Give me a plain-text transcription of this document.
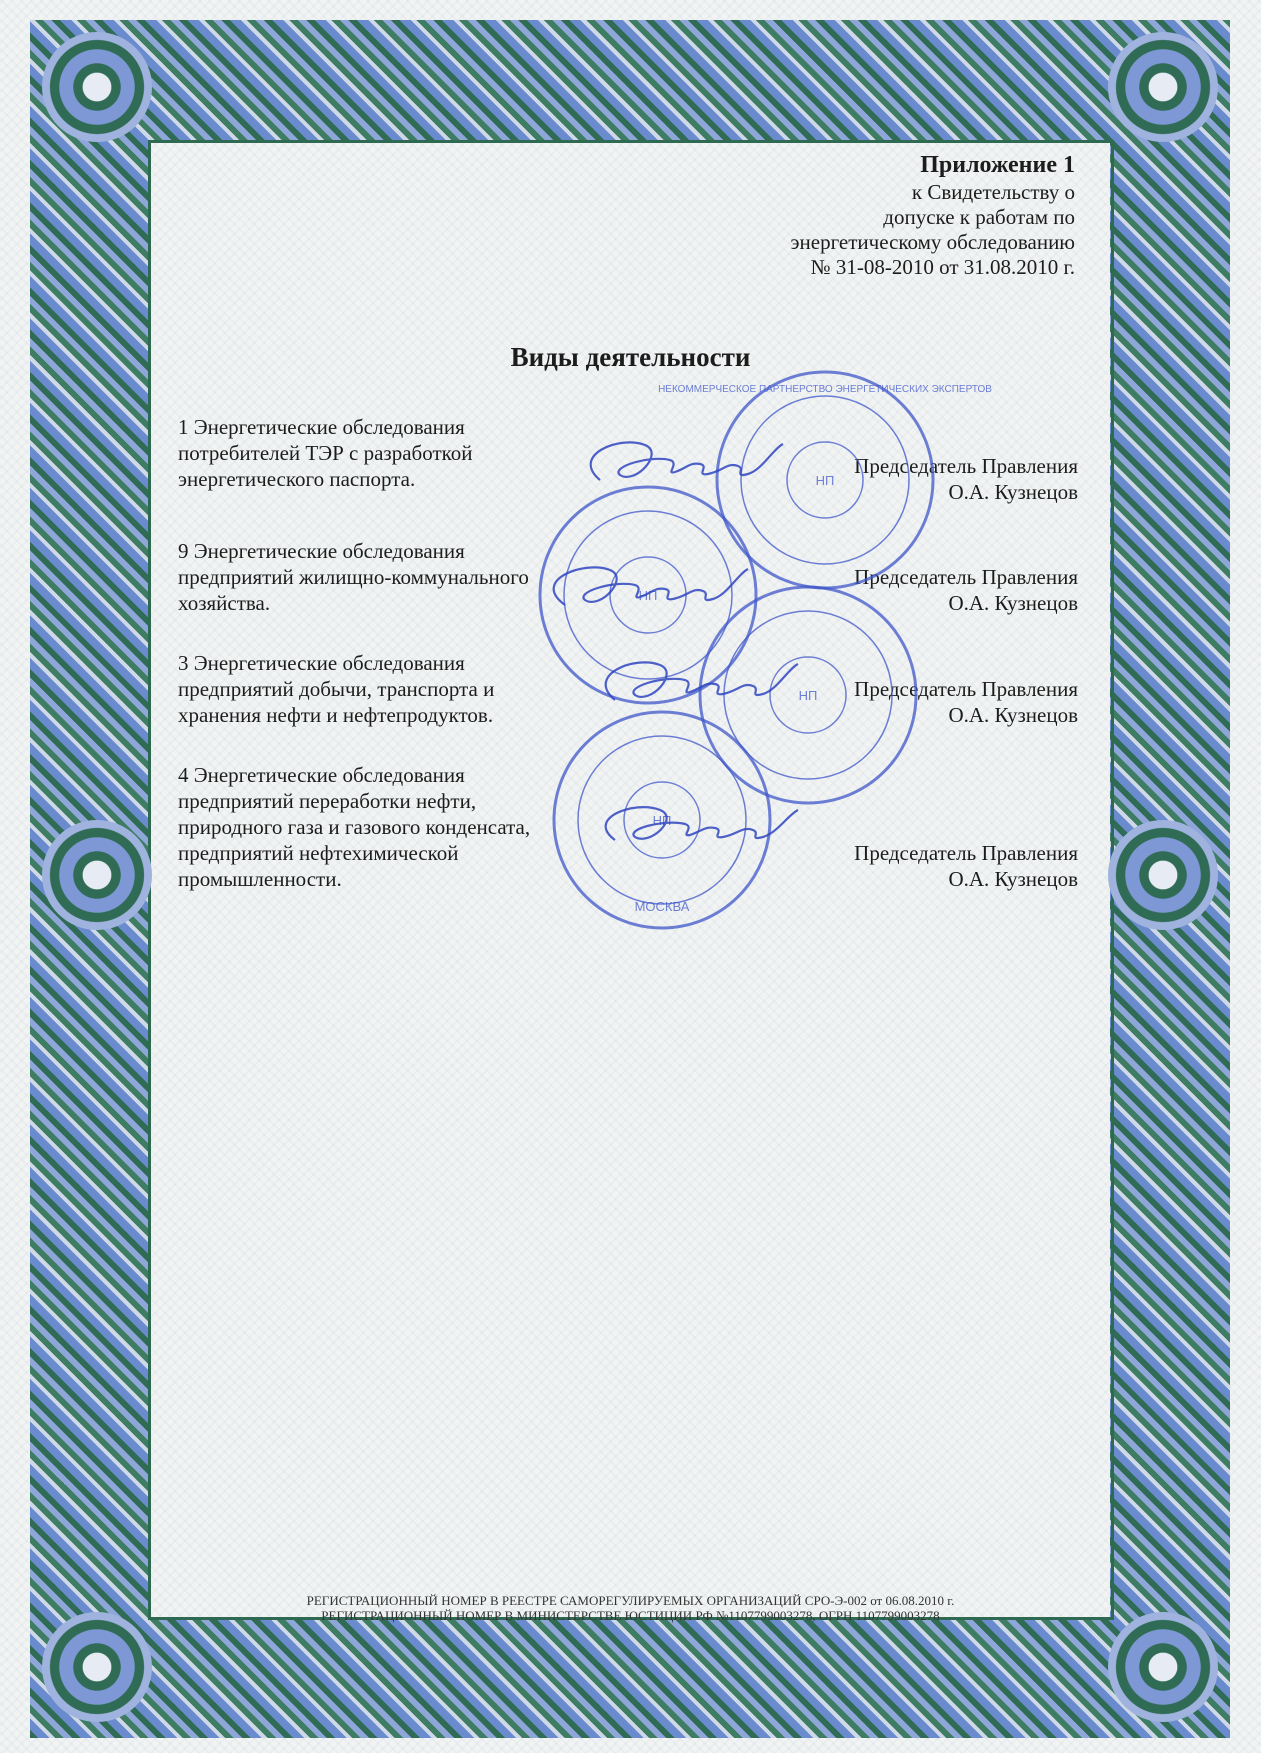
Приложение 1
к Свидетельству о
допуске к работам по
энергетическому обследованию
№ 31-08-2010 от 31.08.2010 г.
Виды деятельности
1 Энергетические обследования
потребителей ТЭР с разработкой
энергетического паспорта.
Председатель Правления
О.А. Кузнецов
9 Энергетические обследования
предприятий жилищно-коммунального
хозяйства.
Председатель Правления
О.А. Кузнецов
3 Энергетические обследования
предприятий добычи, транспорта и
хранения нефти и нефтепродуктов.
Председатель Правления
О.А. Кузнецов
4 Энергетические обследования
предприятий переработки нефти,
природного газа и газового конденсата,
предприятий нефтехимической
промышленности.
Председатель Правления
О.А. Кузнецов
НП
НП
НП
НП
МОСКВА
НЕКОММЕРЧЕСКОЕ ПАРТНЕРСТВО ЭНЕРГЕТИЧЕСКИХ ЭКСПЕРТОВ
РЕГИСТРАЦИОННЫЙ НОМЕР В РЕЕСТРЕ САМОРЕГУЛИРУЕМЫХ ОРГАНИЗАЦИЙ СРО-Э-002 от 06.08.2010 г.
РЕГИСТРАЦИОННЫЙ НОМЕР В МИНИСТЕРСТВЕ ЮСТИЦИИ РФ №1107799003278, ОГРН 1107799003278
